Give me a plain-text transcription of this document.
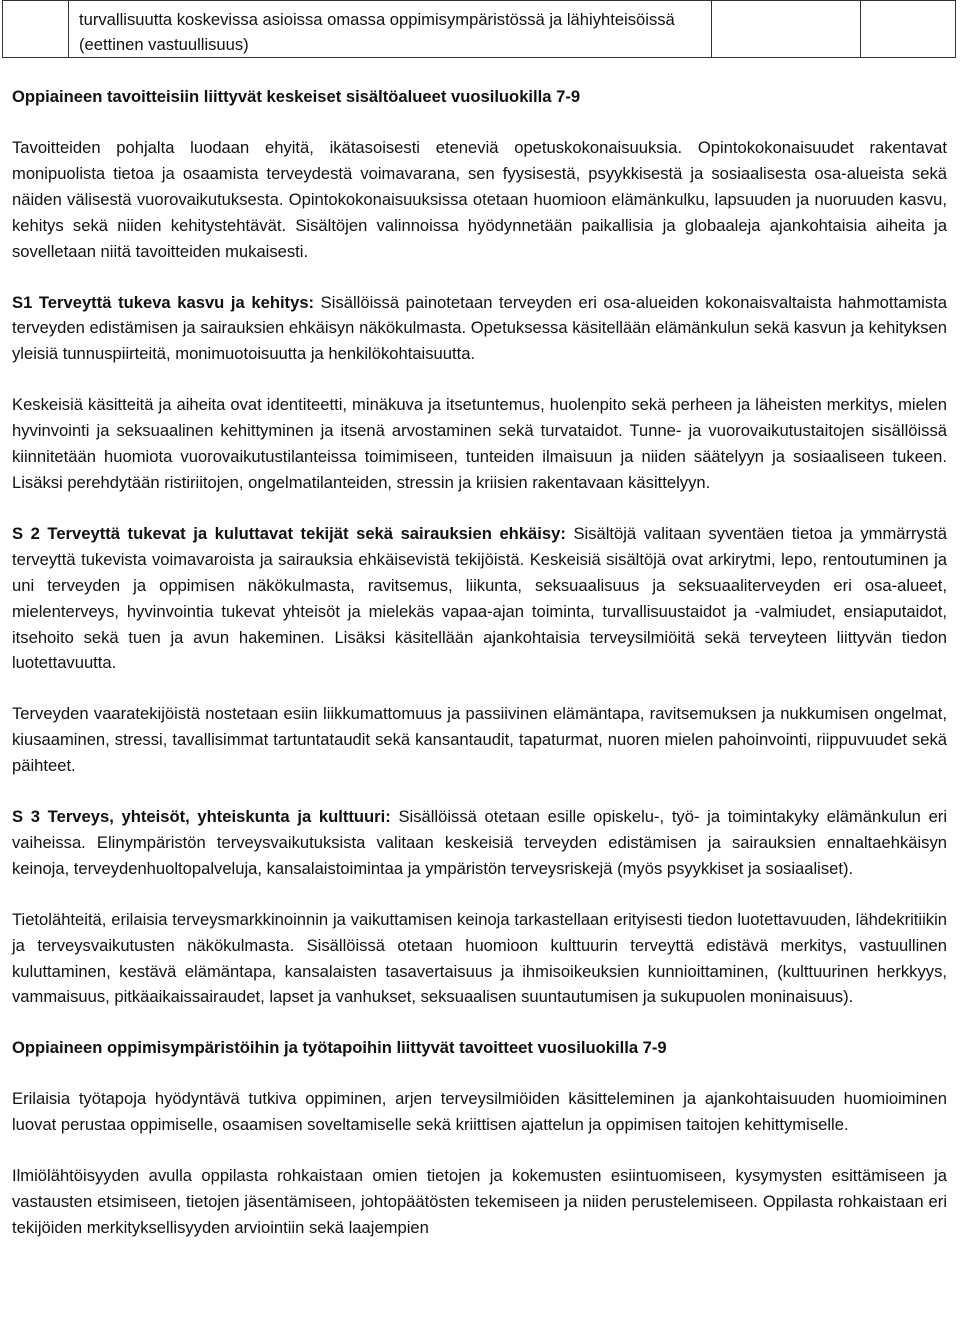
	turvallisuutta koskevissa asioissa omassa oppimisympäristössä ja lähiyhteisöissä (eettinen vastuullisuus)		
Oppiaineen tavoitteisiin liittyvät keskeiset sisältöalueet vuosiluokilla 7-9

Tavoitteiden pohjalta luodaan ehyitä, ikätasoisesti eteneviä opetuskokonaisuuksia. Opintokokonaisuudet rakentavat monipuolista tietoa ja osaamista terveydestä voimavarana, sen fyysisestä, psyykkisestä ja sosiaalisesta osa-alueista sekä näiden välisestä vuorovaikutuksesta. Opintokokonaisuuksissa otetaan huomioon elämänkulku, lapsuuden ja nuoruuden kasvu, kehitys sekä niiden kehitystehtävät. Sisältöjen valinnoissa hyödynnetään paikallisia ja globaaleja ajankohtaisia aiheita ja sovelletaan niitä tavoitteiden mukaisesti.

S1 Terveyttä tukeva kasvu ja kehitys: Sisällöissä painotetaan terveyden eri osa-alueiden kokonaisvaltaista hahmottamista terveyden edistämisen ja sairauksien ehkäisyn näkökulmasta. Opetuksessa käsitellään elämänkulun sekä kasvun ja kehityksen yleisiä tunnuspiirteitä, monimuotoisuutta ja henkilökohtaisuutta.

Keskeisiä käsitteitä ja aiheita ovat identiteetti, minäkuva ja itsetuntemus, huolenpito sekä perheen ja läheisten merkitys, mielen hyvinvointi ja seksuaalinen kehittyminen ja itsenä arvostaminen sekä turvataidot. Tunne- ja vuorovaikutustaitojen sisällöissä kiinnitetään huomiota vuorovaikutustilanteissa toimimiseen, tunteiden ilmaisuun ja niiden säätelyyn ja sosiaaliseen tukeen. Lisäksi perehdytään ristiriitojen, ongelmatilanteiden, stressin ja kriisien rakentavaan käsittelyyn.

S 2 Terveyttä tukevat ja kuluttavat tekijät sekä sairauksien ehkäisy: Sisältöjä valitaan syventäen tietoa ja ymmärrystä terveyttä tukevista voimavaroista ja sairauksia ehkäisevistä tekijöistä. Keskeisiä sisältöjä ovat arkirytmi, lepo, rentoutuminen ja uni terveyden ja oppimisen näkökulmasta, ravitsemus, liikunta, seksuaalisuus ja seksuaaliterveyden eri osa-alueet, mielenterveys, hyvinvointia tukevat yhteisöt ja mielekäs vapaa-ajan toiminta, turvallisuustaidot ja -valmiudet, ensiaputaidot, itsehoito sekä tuen ja avun hakeminen. Lisäksi käsitellään ajankohtaisia terveysilmiöitä sekä terveyteen liittyvän tiedon luotettavuutta.

Terveyden vaaratekijöistä nostetaan esiin liikkumattomuus ja passiivinen elämäntapa, ravitsemuksen ja nukkumisen ongelmat, kiusaaminen, stressi, tavallisimmat tartuntataudit sekä kansantaudit, tapaturmat, nuoren mielen pahoinvointi, riippuvuudet sekä päihteet.

S 3 Terveys, yhteisöt, yhteiskunta ja kulttuuri: Sisällöissä otetaan esille opiskelu-, työ- ja toimintakyky elämänkulun eri vaiheissa. Elinympäristön terveysvaikutuksista valitaan keskeisiä terveyden edistämisen ja sairauksien ennaltaehkäisyn keinoja, terveydenhuoltopalveluja, kansalaistoimintaa ja ympäristön terveysriskejä (myös psyykkiset ja sosiaaliset).

Tietolähteitä, erilaisia terveysmarkkinoinnin ja vaikuttamisen keinoja tarkastellaan erityisesti tiedon luotettavuuden, lähdekritiikin ja terveysvaikutusten näkökulmasta. Sisällöissä otetaan huomioon kulttuurin terveyttä edistävä merkitys, vastuullinen kuluttaminen, kestävä elämäntapa, kansalaisten tasavertaisuus ja ihmisoikeuksien kunnioittaminen, (kulttuurinen herkkyys, vammaisuus, pitkäaikaissairaudet, lapset ja vanhukset, seksuaalisen suuntautumisen ja sukupuolen moninaisuus).

Oppiaineen oppimisympäristöihin ja työtapoihin liittyvät tavoitteet vuosiluokilla 7-9

Erilaisia työtapoja hyödyntävä tutkiva oppiminen, arjen terveysilmiöiden käsitteleminen ja ajankohtaisuuden huomioiminen luovat perustaa oppimiselle, osaamisen soveltamiselle sekä kriittisen ajattelun ja oppimisen taitojen kehittymiselle.

Ilmiölähtöisyyden avulla oppilasta rohkaistaan omien tietojen ja kokemusten esiintuomiseen, kysymysten esittämiseen ja vastausten etsimiseen, tietojen jäsentämiseen, johtopäätösten tekemiseen ja niiden perustelemiseen. Oppilasta rohkaistaan eri tekijöiden merkityksellisyyden arviointiin sekä laajempien
